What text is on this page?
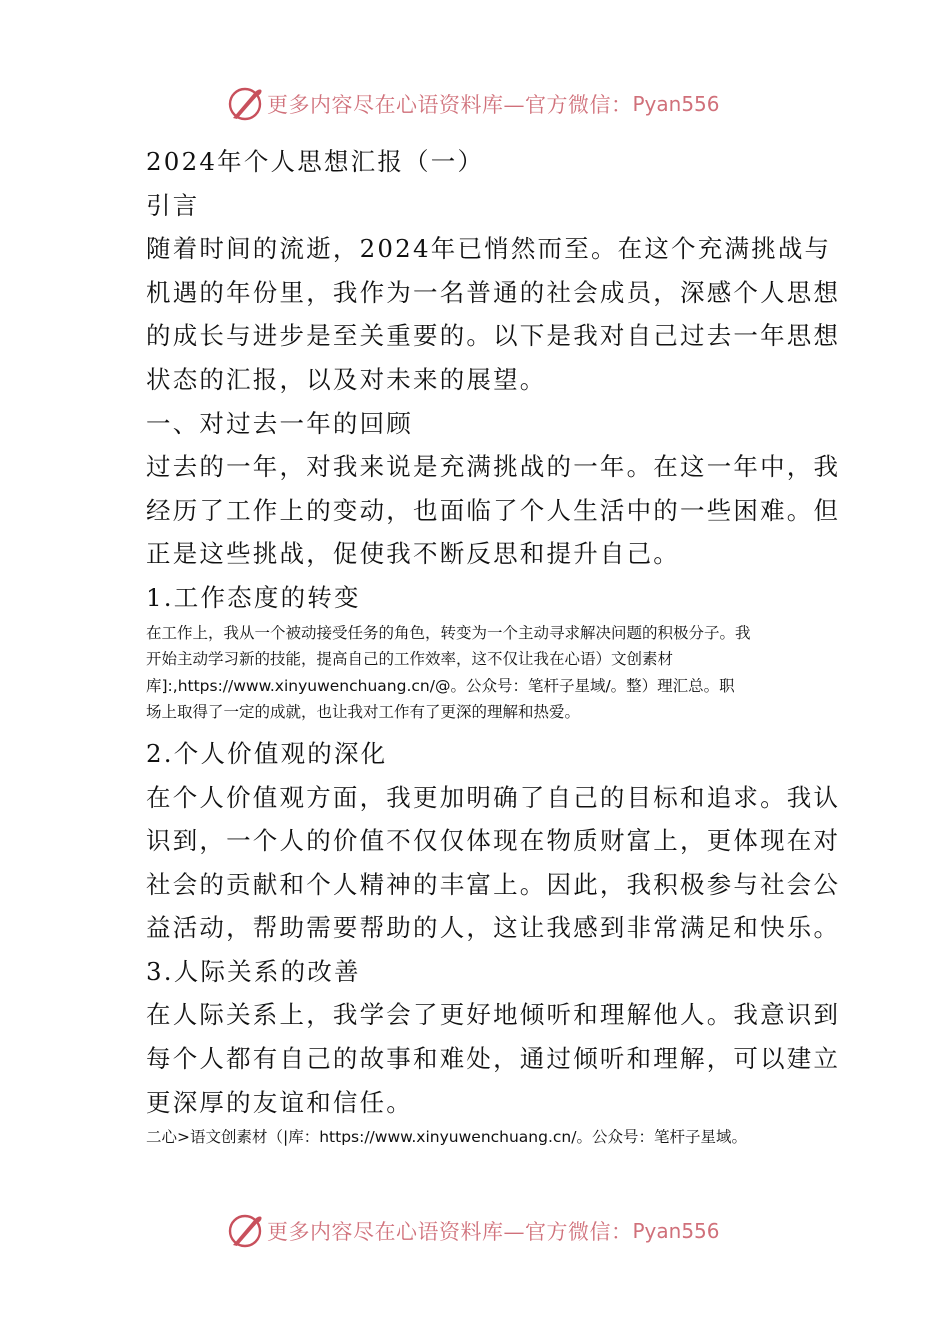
更多内容尽在心语资料库—官方微信： Pyan556

2024年个人思想汇报（一）

引言

随着时间的流逝，2024年已悄然而至。在这个充满挑战与

机遇的年份里，我作为一名普通的社会成员，深感个人思想

的成长与进步是至关重要的。以下是我对自己过去一年思想

状态的汇报，以及对未来的展望。

一、对过去一年的回顾

过去的一年，对我来说是充满挑战的一年。在这一年中，我

经历了工作上的变动，也面临了个人生活中的一些困难。但

正是这些挑战，促使我不断反思和提升自己。

1.工作态度的转变

在工作上，我从一个被动接受任务的角色，转变为一个主动寻求解决问题的积极分子。我

开始主动学习新的技能，提高自己的工作效率，这不仅让我在心语）文创素材

库]:,https://www.xinyuwenchuang.cn/@。公众号：笔杆子星域/。整）理汇总。职

场上取得了一定的成就，也让我对工作有了更深的理解和热爱。

2.个人价值观的深化

在个人价值观方面，我更加明确了自己的目标和追求。我认

识到，一个人的价值不仅仅体现在物质财富上，更体现在对

社会的贡献和个人精神的丰富上。因此，我积极参与社会公

益活动，帮助需要帮助的人，这让我感到非常满足和快乐。

3.人际关系的改善

在人际关系上，我学会了更好地倾听和理解他人。我意识到

每个人都有自己的故事和难处，通过倾听和理解，可以建立

更深厚的友谊和信任。

二心>语文创素材（|库：https://www.xinyuwenchuang.cn/。公众号：笔杆子星域。

更多内容尽在心语资料库—官方微信： Pyan556
